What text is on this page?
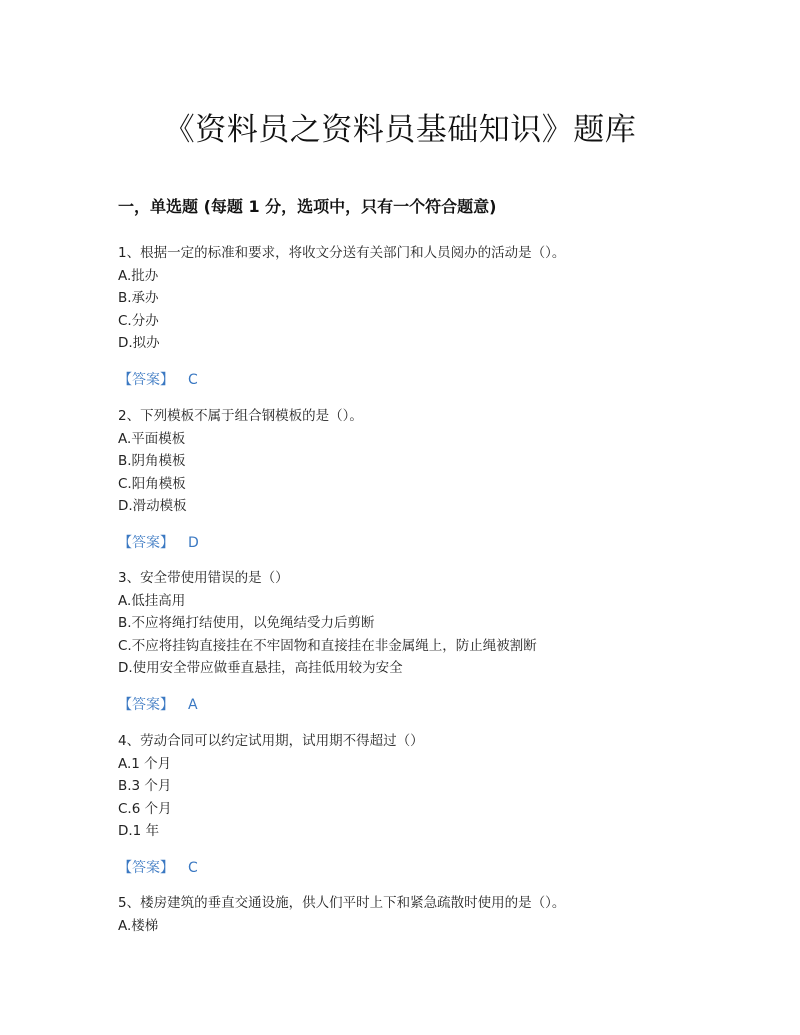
《资料员之资料员基础知识》题库
一，单选题 (每题 1 分，选项中，只有一个符合题意)
1、根据一定的标准和要求，将收文分送有关部门和人员阅办的活动是（）。
A.批办
B.承办
C.分办
D.拟办
【答案】 C
2、下列模板不属于组合钢模板的是（）。
A.平面模板
B.阴角模板
C.阳角模板
D.滑动模板
【答案】 D
3、安全带使用错误的是（）
A.低挂高用
B.不应将绳打结使用，以免绳结受力后剪断
C.不应将挂钩直接挂在不牢固物和直接挂在非金属绳上，防止绳被割断
D.使用安全带应做垂直悬挂，高挂低用较为安全
【答案】 A
4、劳动合同可以约定试用期，试用期不得超过（）
A.1 个月
B.3 个月
C.6 个月
D.1 年
【答案】 C
5、楼房建筑的垂直交通设施，供人们平时上下和紧急疏散时使用的是（）。
A.楼梯
